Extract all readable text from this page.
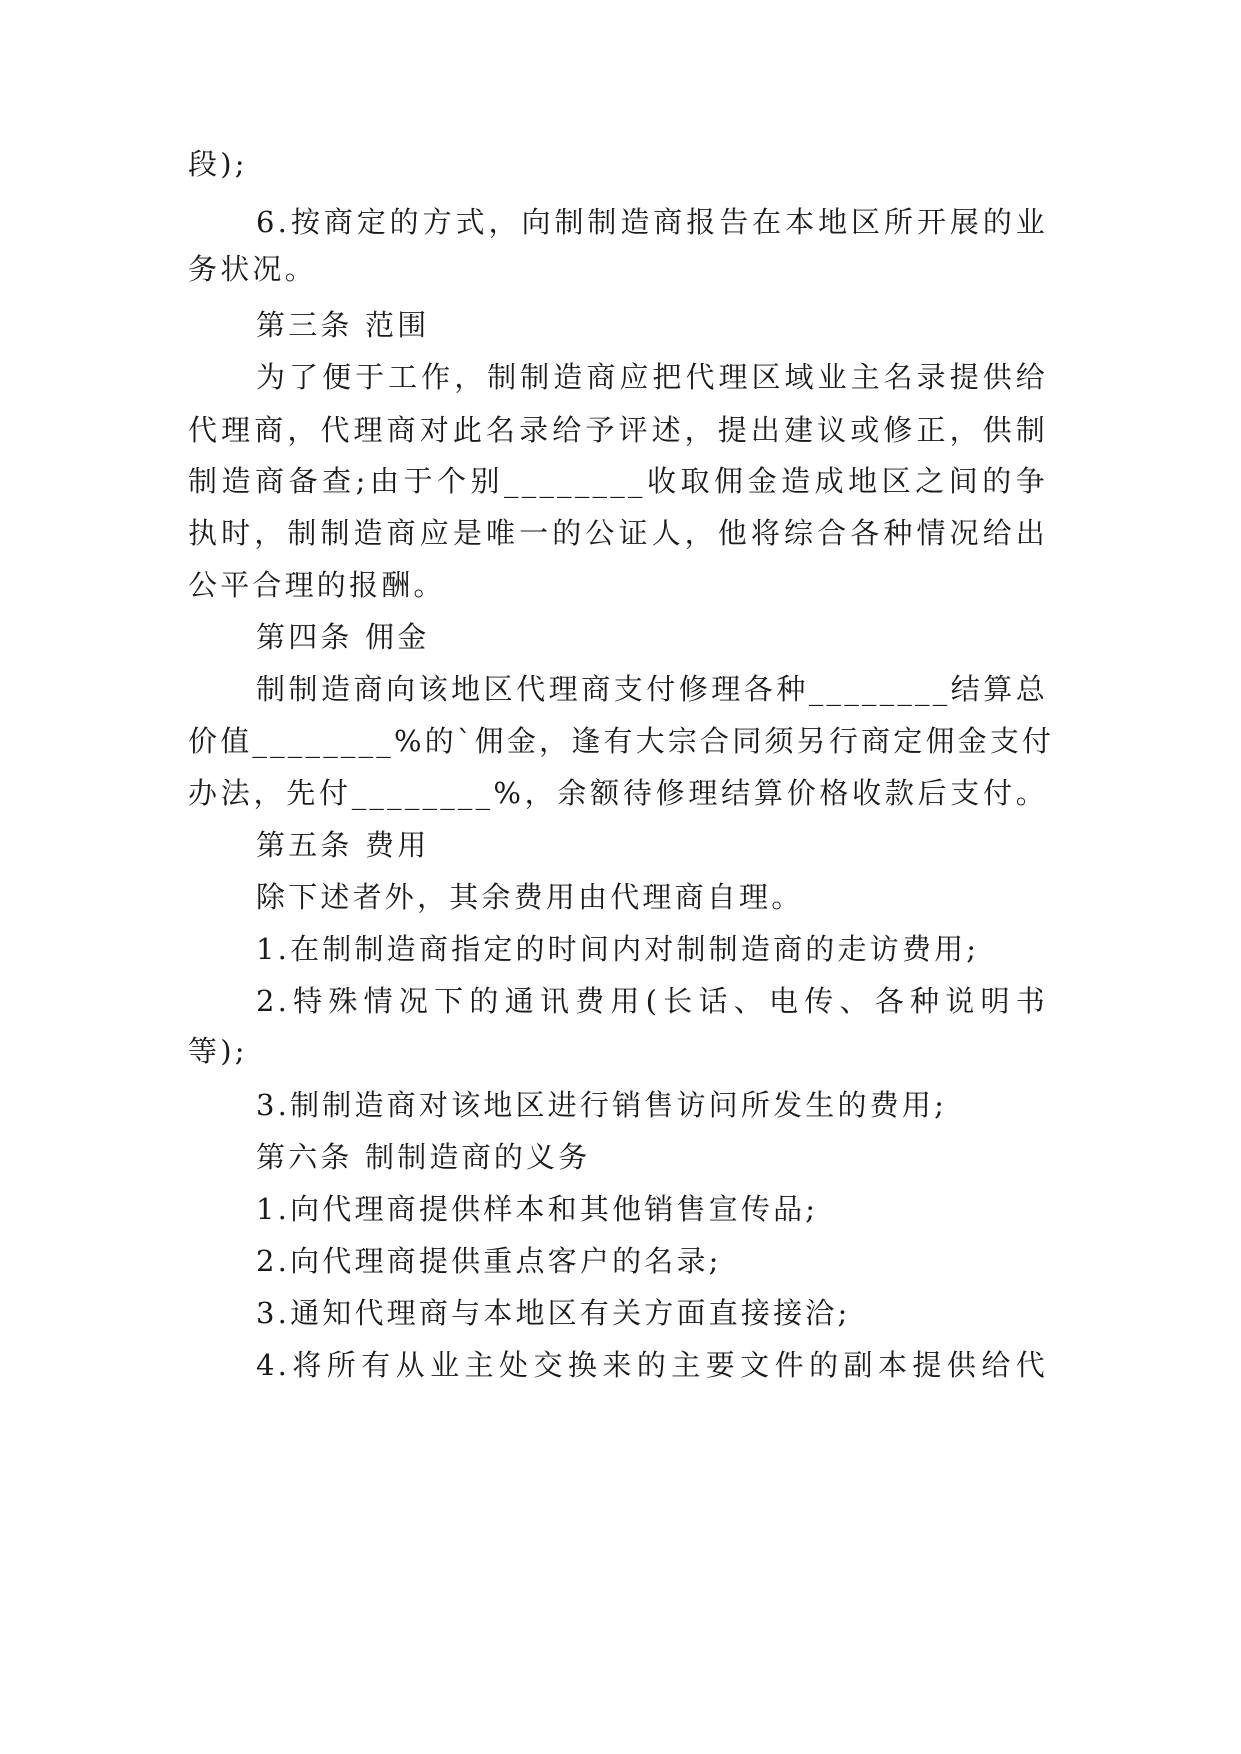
段);
6.按商定的方式，向制制造商报告在本地区所开展的业
务状况。
第三条 范围
为了便于工作，制制造商应把代理区域业主名录提供给
代理商，代理商对此名录给予评述，提出建议或修正，供制
制造商备查;由于个别________收取佣金造成地区之间的争
执时，制制造商应是唯一的公证人，他将综合各种情况给出
公平合理的报酬。
第四条 佣金
制制造商向该地区代理商支付修理各种________结算总
价值________%的`佣金，逢有大宗合同须另行商定佣金支付
办法，先付________%，余额待修理结算价格收款后支付。
第五条 费用
除下述者外，其余费用由代理商自理。
1.在制制造商指定的时间内对制制造商的走访费用;
2.特殊情况下的通讯费用(长话、电传、各种说明书
等);
3.制制造商对该地区进行销售访问所发生的费用;
第六条 制制造商的义务
1.向代理商提供样本和其他销售宣传品;
2.向代理商提供重点客户的名录;
3.通知代理商与本地区有关方面直接接洽;
4.将所有从业主处交换来的主要文件的副本提供给代
